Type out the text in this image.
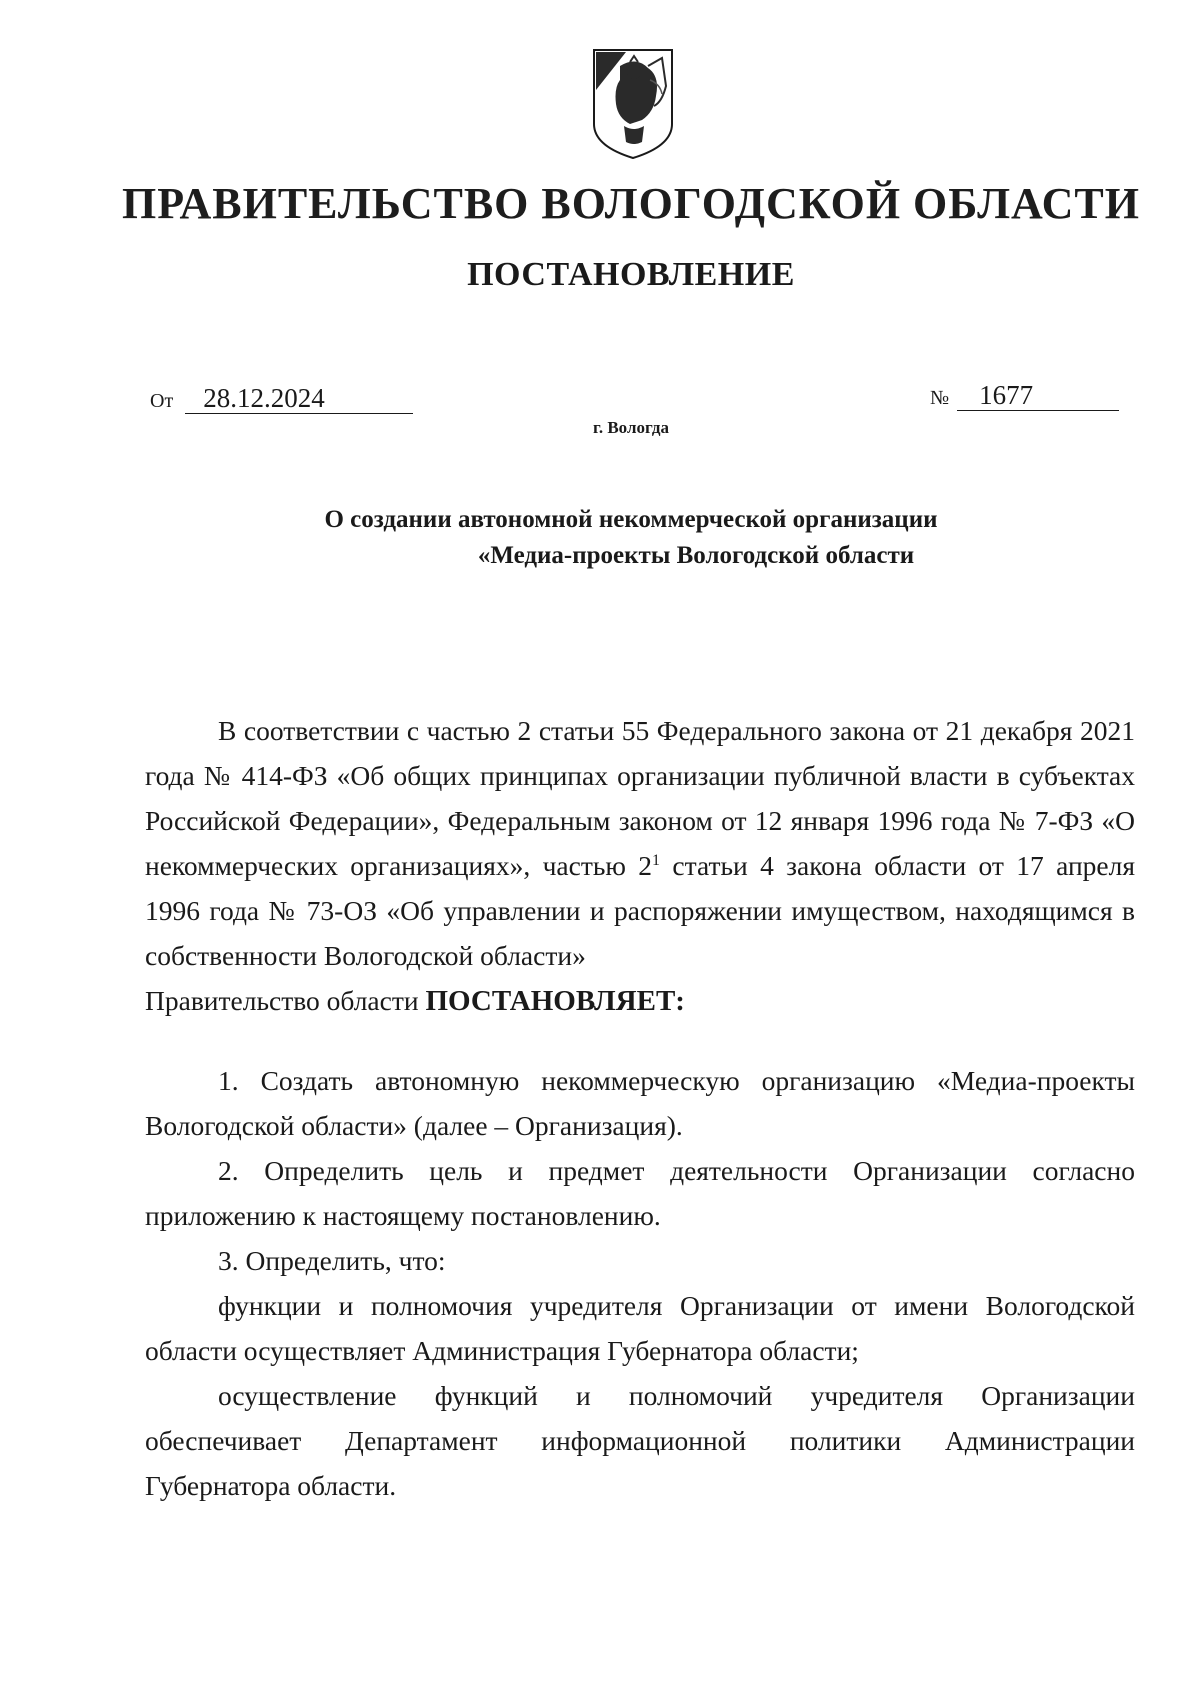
ПРАВИТЕЛЬСТВО ВОЛОГОДСКОЙ ОБЛАСТИ
ПОСТАНОВЛЕНИЕ
От 28.12.2024	№ 1677
г. Вологда
О создании автономной некоммерческой организации
«Медиа-проекты Вологодской области

В соответствии с частью 2 статьи 55 Федерального закона от 21 декабря 2021 года № 414-ФЗ «Об общих принципах организации публичной власти в субъектах Российской Федерации», Федеральным законом от 12 января 1996 года № 7-ФЗ «О некоммерческих организациях», частью $2^1$ статьи 4 закона области от 17 апреля 1996 года № 73-ОЗ «Об управлении и распоряжении имуществом, находящимся в собственности Вологодской области»

Правительство области ПОСТАНОВЛЯЕТ:

1. Создать автономную некоммерческую организацию «Медиа-проекты Вологодской области» (далее – Организация).

2. Определить цель и предмет деятельности Организации согласно приложению к настоящему постановлению.

3. Определить, что:

функции и полномочия учредителя Организации от имени Вологодской области осуществляет Администрация Губернатора области;

осуществление функций и полномочий учредителя Организации обеспечивает Департамент информационной политики Администрации Губернатора области.
